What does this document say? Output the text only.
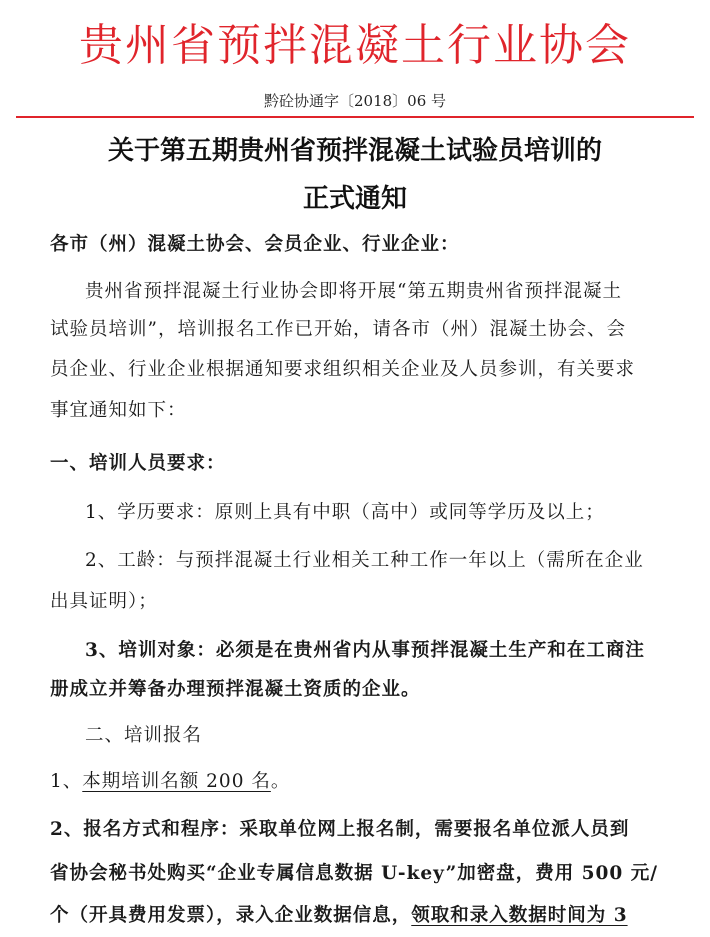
贵州省预拌混凝土行业协会
黔砼协通字〔2018〕06 号
关于第五期贵州省预拌混凝土试验员培训的
正式通知
各市（州）混凝土协会、会员企业、行业企业：
贵州省预拌混凝土行业协会即将开展“第五期贵州省预拌混凝土
试验员培训”，培训报名工作已开始，请各市（州）混凝土协会、会
员企业、行业企业根据通知要求组织相关企业及人员参训，有关要求
事宜通知如下：
一、培训人员要求：
1、学历要求：原则上具有中职（高中）或同等学历及以上；
2、工龄：与预拌混凝土行业相关工种工作一年以上（需所在企业
出具证明）；
3、培训对象：必须是在贵州省内从事预拌混凝土生产和在工商注
册成立并筹备办理预拌混凝土资质的企业。
二、培训报名
1、本期培训名额 200 名。
2、报名方式和程序：采取单位网上报名制，需要报名单位派人员到
省协会秘书处购买“企业专属信息数据 U-key”加密盘，费用 500 元/
个（开具费用发票），录入企业数据信息，领取和录入数据时间为 3
